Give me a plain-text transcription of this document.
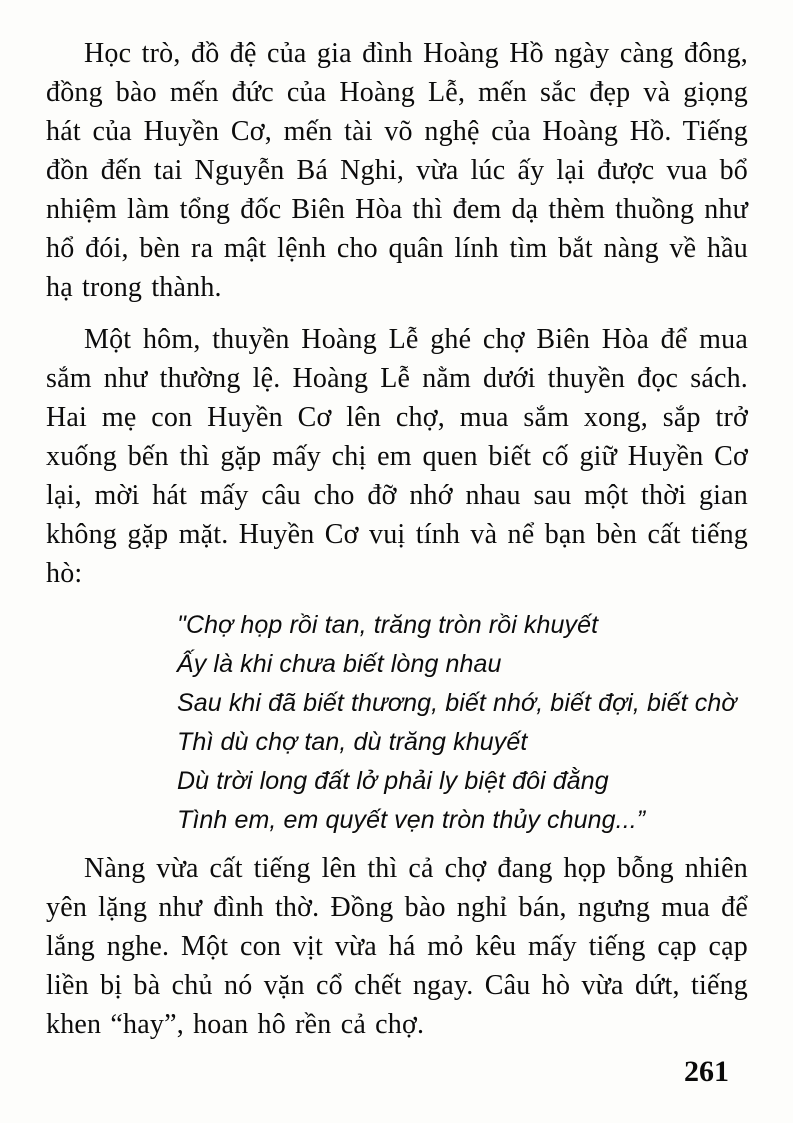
Học trò, đồ đệ của gia đình Hoàng Hồ ngày càng đông, đồng bào mến đức của Hoàng Lễ, mến sắc đẹp và giọng hát của Huyền Cơ, mến tài võ nghệ của Hoàng Hồ. Tiếng đồn đến tai Nguyễn Bá Nghi, vừa lúc ấy lại được vua bổ nhiệm làm tổng đốc Biên Hòa thì đem dạ thèm thuồng như hổ đói, bèn ra mật lệnh cho quân lính tìm bắt nàng về hầu hạ trong thành.

Một hôm, thuyền Hoàng Lễ ghé chợ Biên Hòa để mua sắm như thường lệ. Hoàng Lễ nằm dưới thuyền đọc sách. Hai mẹ con Huyền Cơ lên chợ, mua sắm xong, sắp trở xuống bến thì gặp mấy chị em quen biết cố giữ Huyền Cơ lại, mời hát mấy câu cho đỡ nhớ nhau sau một thời gian không gặp mặt. Huyền Cơ vuị tính và nể bạn bèn cất tiếng hò:

"Chợ họp rồi tan, trăng tròn rồi khuyết
Ấy là khi chưa biết lòng nhau
Sau khi đã biết thương, biết nhớ, biết đợi, biết chờ
Thì dù chợ tan, dù trăng khuyết
Dù trời long đất lở phải ly biệt đôi đằng
Tình em, em quyết vẹn tròn thủy chung...”

Nàng vừa cất tiếng lên thì cả chợ đang họp bỗng nhiên yên lặng như đình thờ. Đồng bào nghỉ bán, ngưng mua để lắng nghe. Một con vịt vừa há mỏ kêu mấy tiếng cạp cạp liền bị bà chủ nó vặn cổ chết ngay. Câu hò vừa dứt, tiếng khen “hay”, hoan hô rền cả chợ.

261
